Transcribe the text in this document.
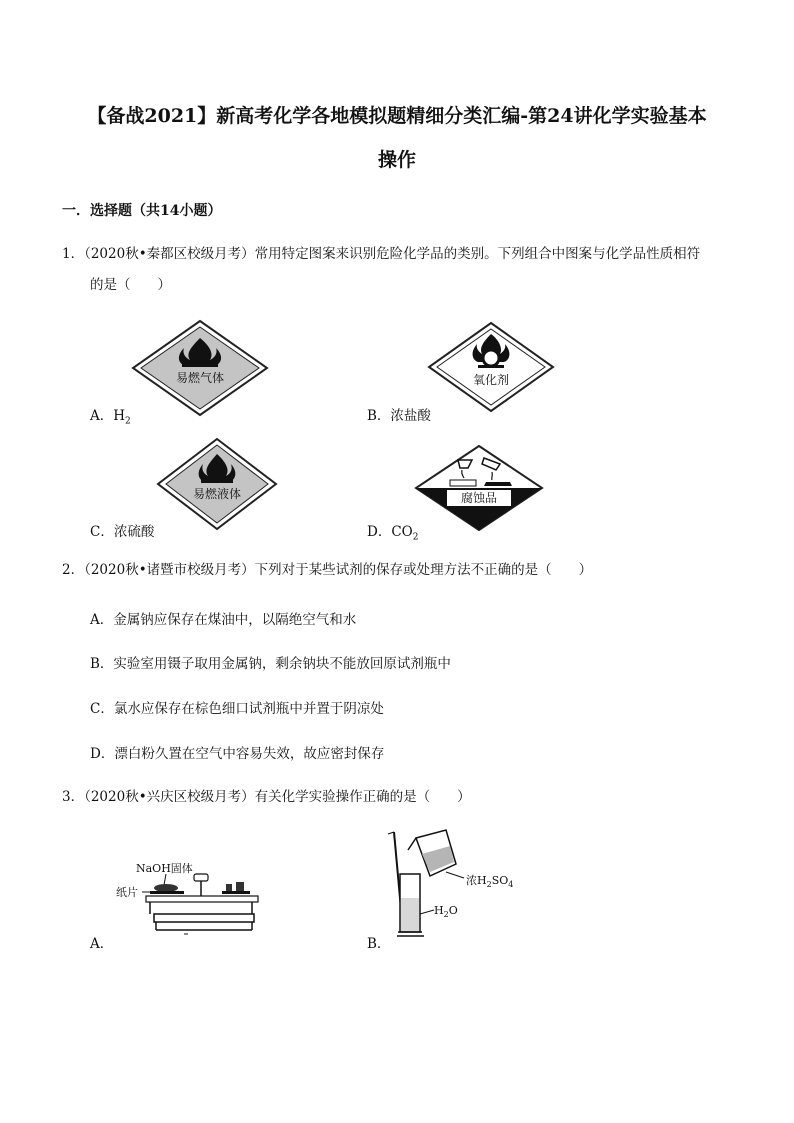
【备战2021】新高考化学各地模拟题精细分类汇编-第24讲化学实验基本
操作
一．选择题（共14小题）
1．（2020秋•秦都区校级月考）常用特定图案来识别危险化学品的类别。下列组合中图案与化学品性质相符
的是（　　）
易燃气体
A．$H_2$
氧化剂
B．浓盐酸
易燃液体
C．浓硫酸
腐蚀品
D．$CO_2$
2．（2020秋•诸暨市校级月考）下列对于某些试剂的保存或处理方法不正确的是（　　）
A．金属钠应保存在煤油中，以隔绝空气和水
B．实验室用镊子取用金属钠，剩余钠块不能放回原试剂瓶中
C．氯水应保存在棕色细口试剂瓶中并置于阴凉处
D．漂白粉久置在空气中容易失效，故应密封保存
3．（2020秋•兴庆区校级月考）有关化学实验操作正确的是（　　）
NaOH固体
纸片
A．
浓$H_2SO_4$
$H_2O$
B．
